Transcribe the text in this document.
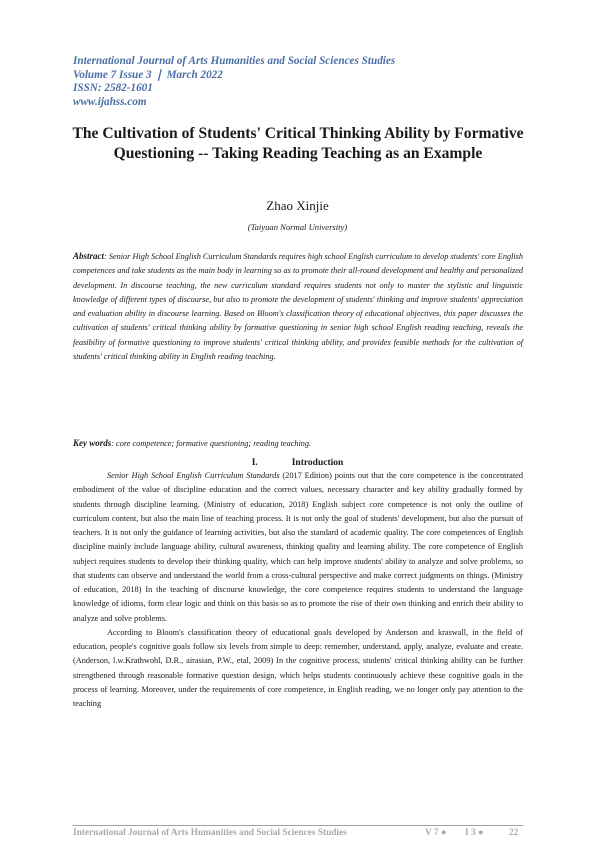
International Journal of Arts Humanities and Social Sciences Studies
Volume 7 Issue 3 ❘ March 2022
ISSN: 2582-1601
www.ijahss.com
The Cultivation of Students' Critical Thinking Ability by Formative Questioning -- Taking Reading Teaching as an Example
Zhao Xinjie
(Taiyuan Normal University)
Abstract: Senior High School English Curriculum Standards requires high school English curriculum to develop students' core English competences and take students as the main body in learning so as to promote their all-round development and healthy and personalized development. In discourse teaching, the new curriculum standard requires students not only to master the stylistic and linguistic knowledge of different types of discourse, but also to promote the development of students' thinking and improve students' appreciation and evaluation ability in discourse learning. Based on Bloom's classification theory of educational objectives, this paper discusses the cultivation of students' critical thinking ability by formative questioning in senior high school English reading teaching, reveals the feasibility of formative questioning to improve students' critical thinking ability, and provides feasible methods for the cultivation of students' critical thinking ability in English reading teaching.
Key words: core competence; formative questioning; reading teaching.
I.	Introduction

Senior High School English Curriculum Standards (2017 Edition) points out that the core competence is the concentrated embodiment of the value of discipline education and the correct values, necessary character and key ability gradually formed by students through discipline learning. (Ministry of education, 2018) English subject core competence is not only the outline of curriculum content, but also the main line of teaching process. It is not only the goal of students' development, but also the pursuit of teachers. It is not only the guidance of learning activities, but also the standard of academic quality. The core competences of English discipline mainly include language ability, cultural awareness, thinking quality and learning ability. The core competence of English subject requires students to develop their thinking quality, which can help improve students' ability to analyze and solve problems, so that students can observe and understand the world from a cross-cultural perspective and make correct judgments on things. (Ministry of education, 2018) In the teaching of discourse knowledge, the core competence requires students to understand the language knowledge of idioms, form clear logic and think on this basis so as to promote the rise of their own thinking and enrich their ability to analyze and solve problems.

According to Bloom's classification theory of educational goals developed by Anderson and kraswall, in the field of education, people's cognitive goals follow six levels from simple to deep: remember, understand, apply, analyze, evaluate and create. (Anderson, l.w.Krathwohl, D.R., airasian, P.W., etal, 2009) In the cognitive process, students' critical thinking ability can be further strengthened through reasonable formative question design, which helps students continuously achieve these cognitive goals in the process of learning. Moreover, under the requirements of core competence, in English reading, we no longer only pay attention to the teaching

International Journal of Arts Humanities and Social Sciences Studies	V 7 ● I 3 ●	22
